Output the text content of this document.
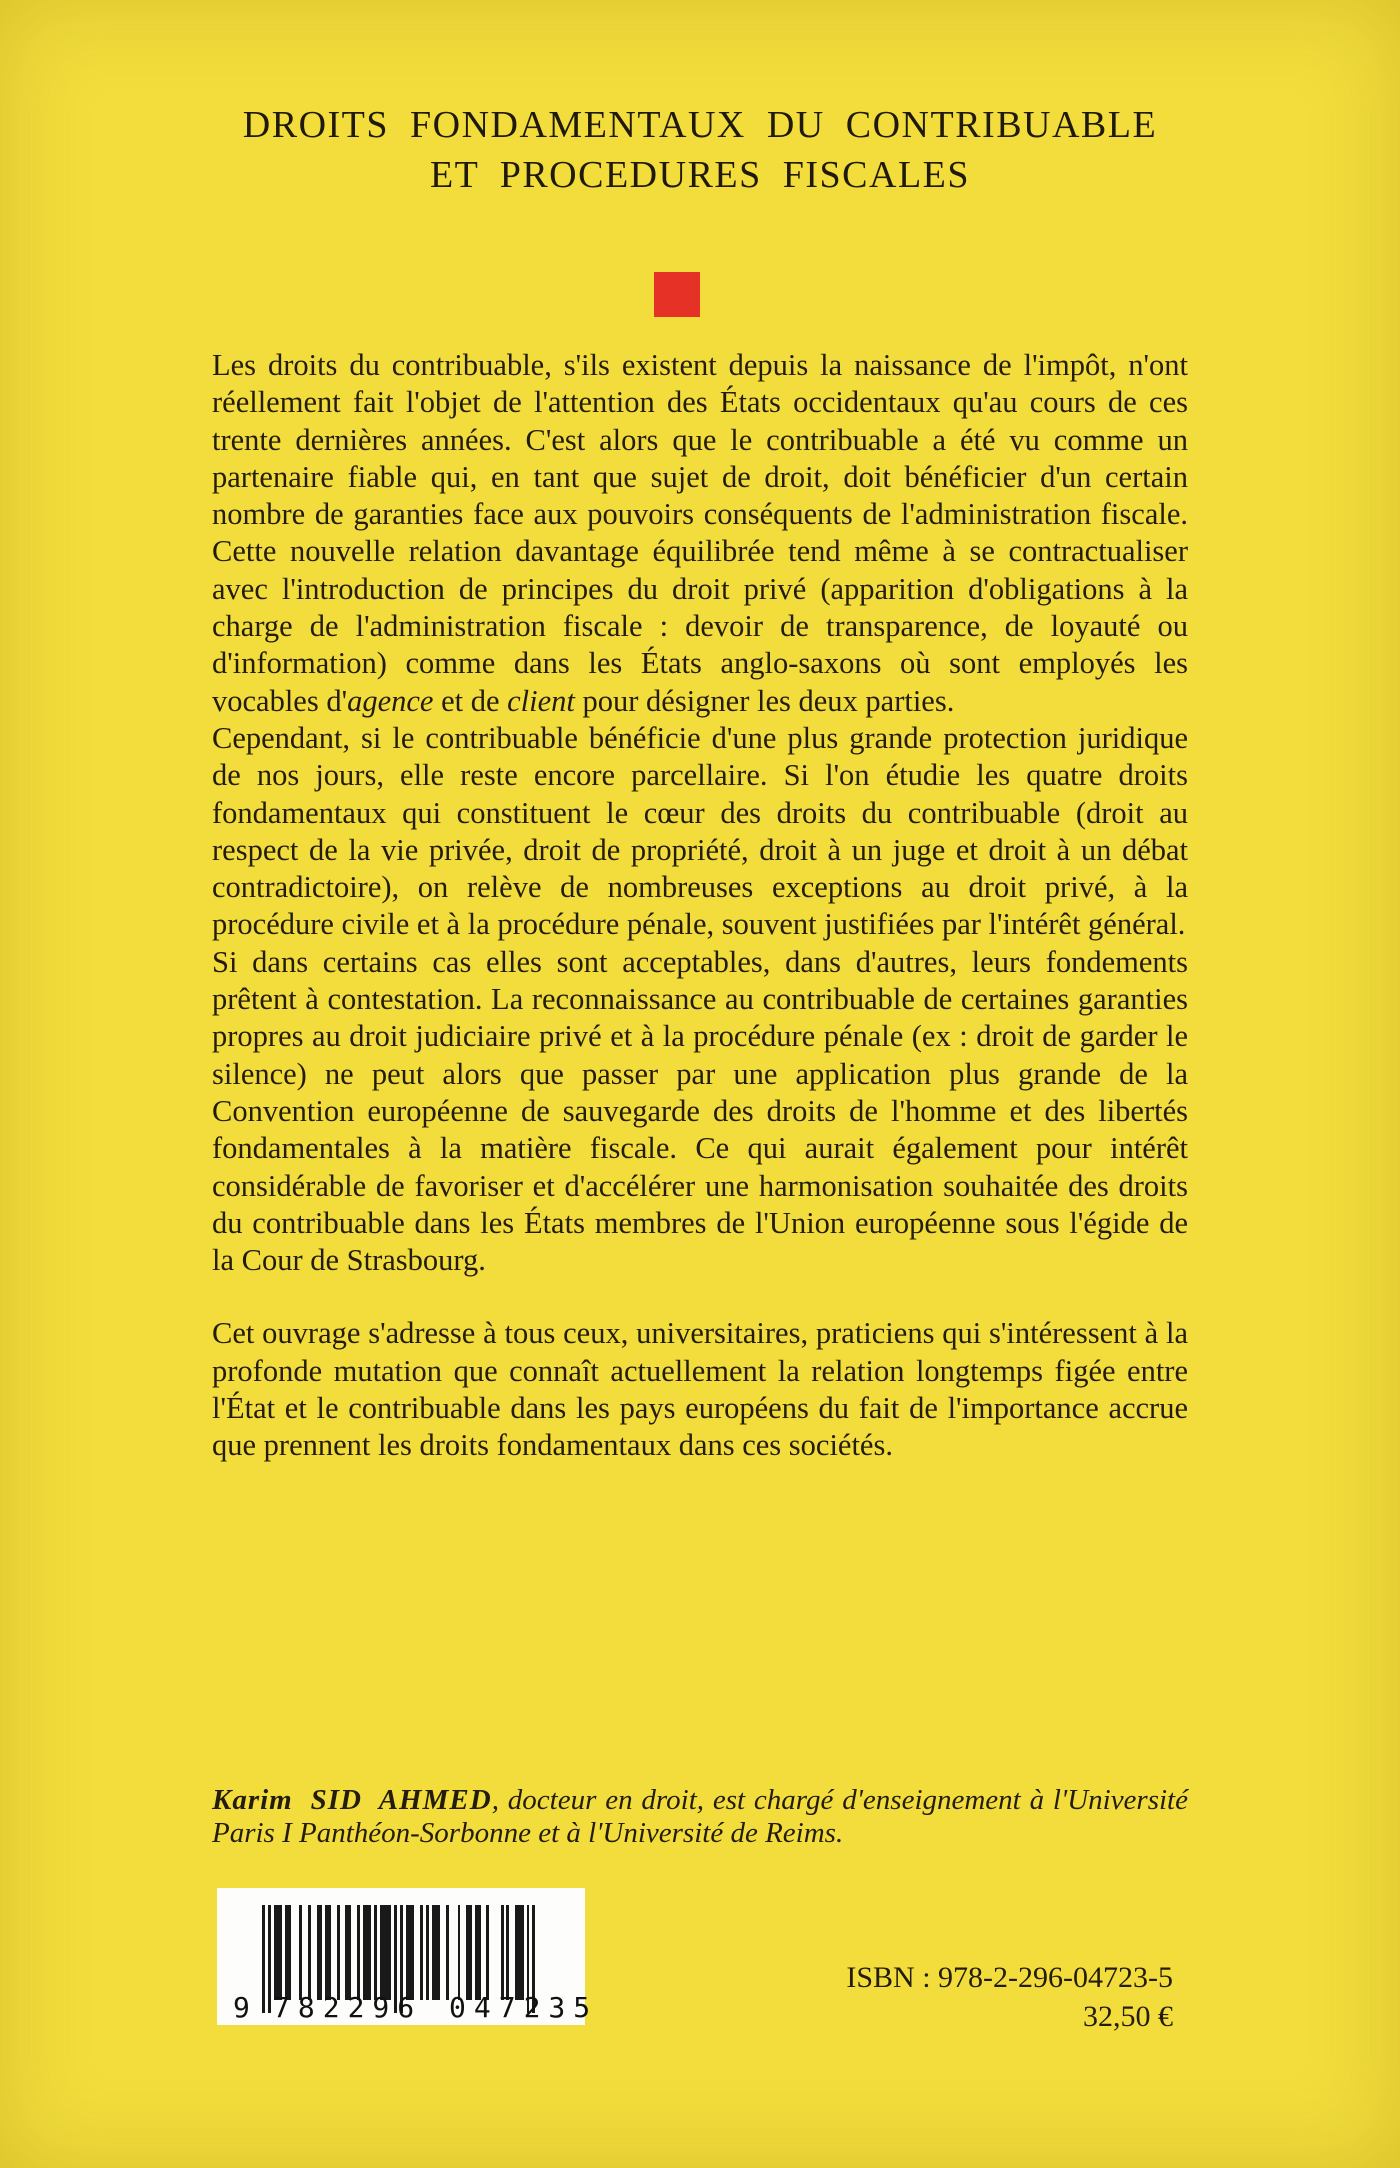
DROITS FONDAMENTAUX DU CONTRIBUABLE
ET PROCEDURES FISCALES

Les droits du contribuable, s'ils existent depuis la naissance de l'impôt, n'ont réellement fait l'objet de l'attention des États occidentaux qu'au cours de ces trente dernières années. C'est alors que le contribuable a été vu comme un partenaire fiable qui, en tant que sujet de droit, doit bénéficier d'un certain nombre de garanties face aux pouvoirs conséquents de l'administration fiscale. Cette nouvelle relation davantage équilibrée tend même à se contractualiser avec l'introduction de principes du droit privé (apparition d'obligations à la charge de l'administration fiscale : devoir de transparence, de loyauté ou d'information) comme dans les États anglo-saxons où sont employés les vocables d'agence et de client pour désigner les deux parties.

Cependant, si le contribuable bénéficie d'une plus grande protection juridique de nos jours, elle reste encore parcellaire. Si l'on étudie les quatre droits fondamentaux qui constituent le cœur des droits du contribuable (droit au respect de la vie privée, droit de propriété, droit à un juge et droit à un débat contradictoire), on relève de nombreuses exceptions au droit privé, à la procédure civile et à la procédure pénale, souvent justifiées par l'intérêt général.

Si dans certains cas elles sont acceptables, dans d'autres, leurs fondements prêtent à contestation. La reconnaissance au contribuable de certaines garanties propres au droit judiciaire privé et à la procédure pénale (ex : droit de garder le silence) ne peut alors que passer par une application plus grande de la Convention européenne de sauvegarde des droits de l'homme et des libertés fondamentales à la matière fiscale. Ce qui aurait également pour intérêt considérable de favoriser et d'accélérer une harmonisation souhaitée des droits du contribuable dans les États membres de l'Union européenne sous l'égide de la Cour de Strasbourg.

Cet ouvrage s'adresse à tous ceux, universitaires, praticiens qui s'intéressent à la profonde mutation que connaît actuellement la relation longtemps figée entre l'État et le contribuable dans les pays européens du fait de l'importance accrue que prennent les droits fondamentaux dans ces sociétés.

Karim SID AHMED, docteur en droit, est chargé d'enseignement à l'Université Paris I Panthéon-Sorbonne et à l'Université de Reims.
9 782296 047235
ISBN : 978-2-296-04723-5
32,50 €
